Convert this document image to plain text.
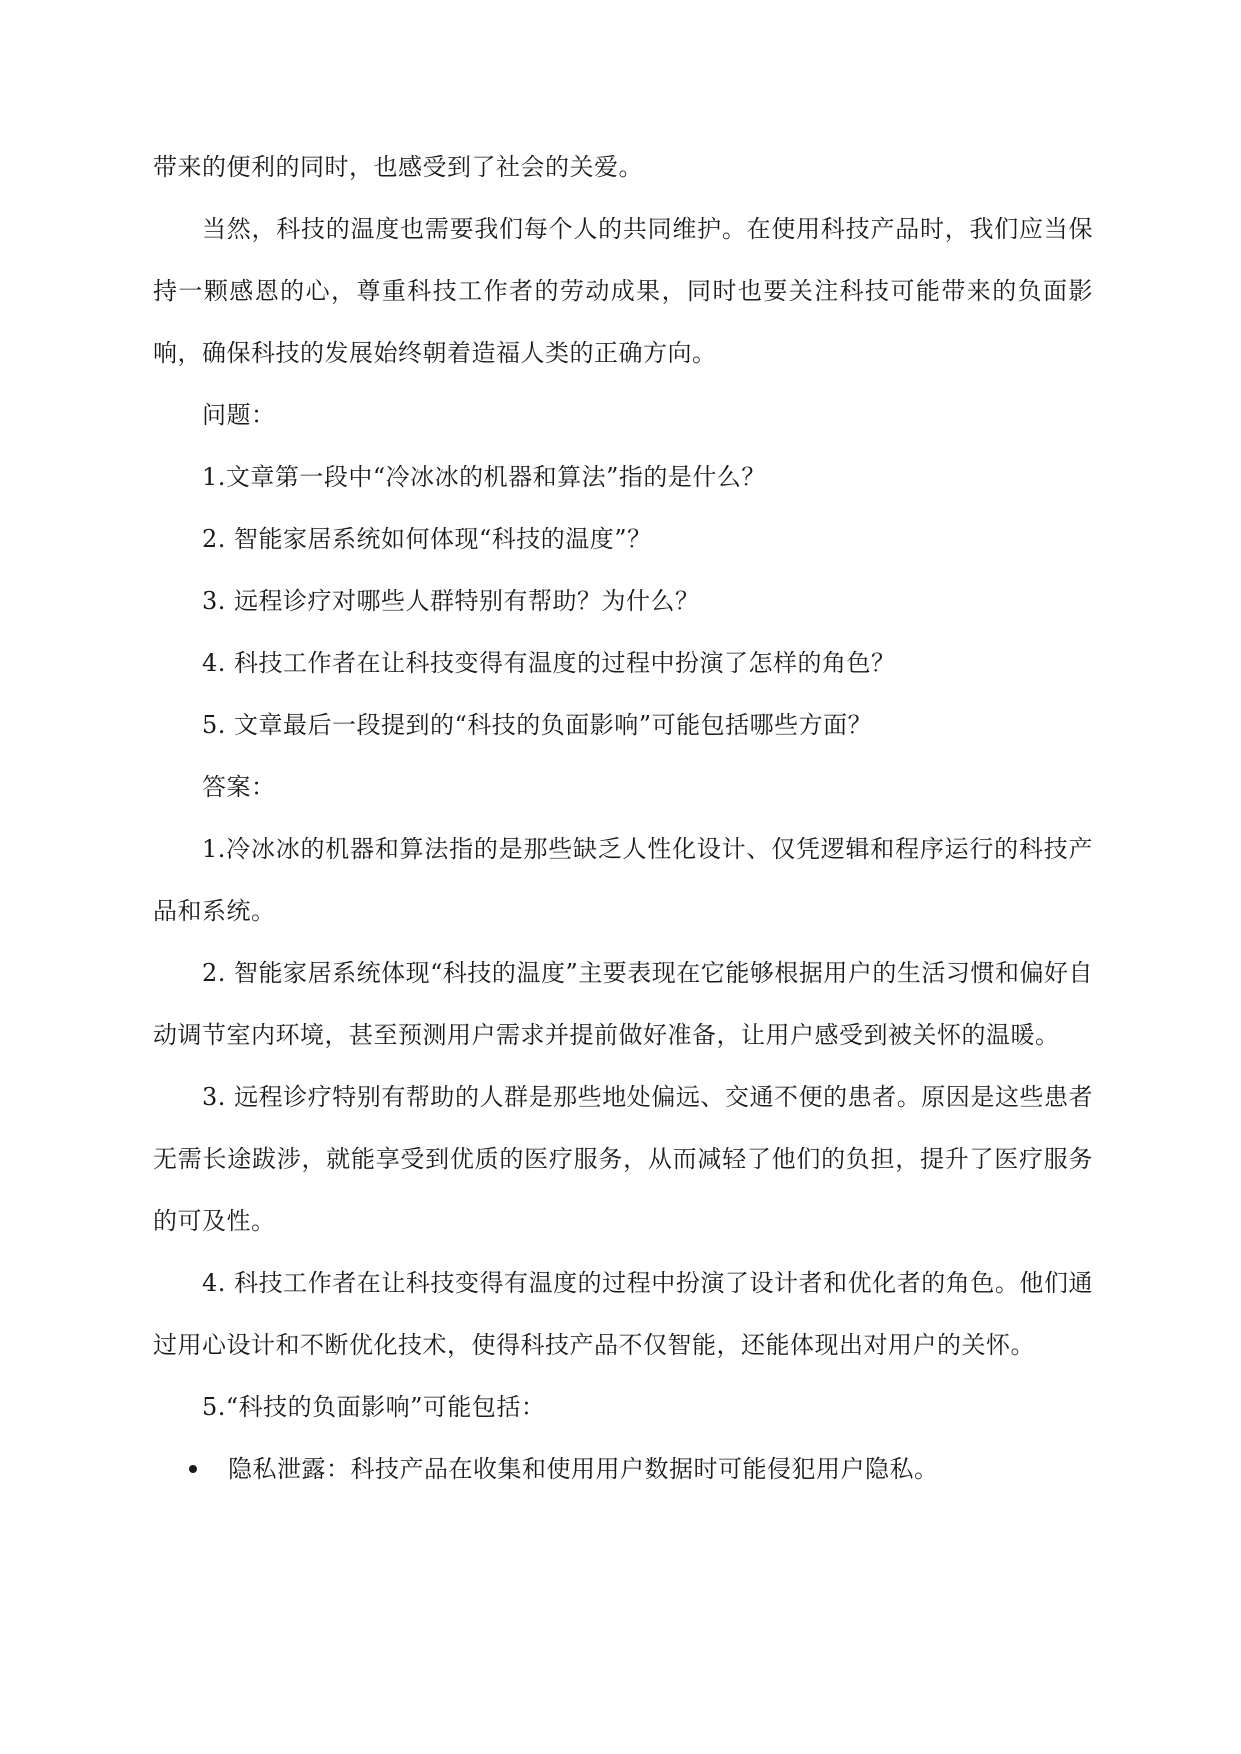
带来的便利的同时，也感受到了社会的关爱。

当然，科技的温度也需要我们每个人的共同维护。在使用科技产品时，我们应当保持一颗感恩的心，尊重科技工作者的劳动成果，同时也要关注科技可能带来的负面影响，确保科技的发展始终朝着造福人类的正确方向。

问题：

1.文章第一段中“冷冰冰的机器和算法”指的是什么？

2. 智能家居系统如何体现“科技的温度”？

3. 远程诊疗对哪些人群特别有帮助？为什么？

4. 科技工作者在让科技变得有温度的过程中扮演了怎样的角色？

5. 文章最后一段提到的“科技的负面影响”可能包括哪些方面？

答案：

1.冷冰冰的机器和算法指的是那些缺乏人性化设计、仅凭逻辑和程序运行的科技产品和系统。

2. 智能家居系统体现“科技的温度”主要表现在它能够根据用户的生活习惯和偏好自动调节室内环境，甚至预测用户需求并提前做好准备，让用户感受到被关怀的温暖。

3. 远程诊疗特别有帮助的人群是那些地处偏远、交通不便的患者。原因是这些患者无需长途跋涉，就能享受到优质的医疗服务，从而减轻了他们的负担，提升了医疗服务的可及性。

4. 科技工作者在让科技变得有温度的过程中扮演了设计者和优化者的角色。他们通过用心设计和不断优化技术，使得科技产品不仅智能，还能体现出对用户的关怀。

5.“科技的负面影响”可能包括：

隐私泄露：科技产品在收集和使用用户数据时可能侵犯用户隐私。
